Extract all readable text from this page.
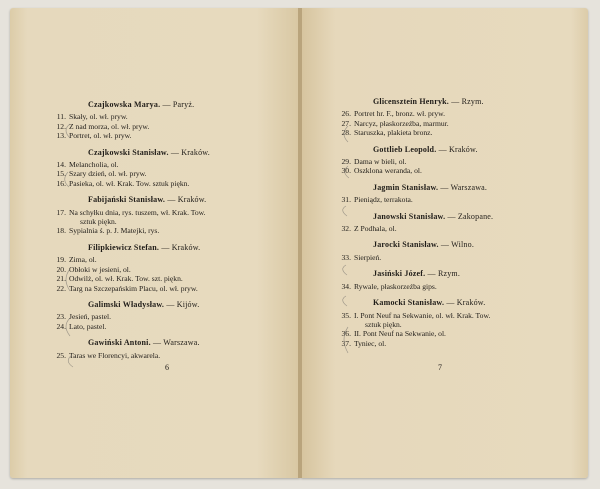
Czajkowska Marya. — Paryż.
11. Skały, ol. wł. pryw.
12. Z nad morza, ol. wł. pryw.
13. Portret, ol. wł. pryw.
Czajkowski Stanisław. — Kraków.
14. Melancholia, ol.
15. Szary dzień, ol. wł. pryw.
16. Pasieka, ol. wł. Krak. Tow. sztuk piękn.
Fabijański Stanisław. — Kraków.
17. Na schyłku dnia, rys. tuszem, wł. Krak. Tow.
sztuk piękn.
18. Sypialnia ś. p. J. Matejki, rys.
Filipkiewicz Stefan. — Kraków.
19. Zima, ol.
20. Obłoki w jesieni, ol.
21. Odwilż, ol. wł. Krak. Tow. szt. piękn.
22. Targ na Szczepańskim Placu, ol. wł. pryw.
Galimski Władysław. — Kijów.
23. Jesień, pastel.
24. Lato, pastel.
Gawiński Antoni. — Warszawa.
25. Taras we Florencyi, akwarela.
6
Glicenszteín Henryk. — Rzym.
26. Portret hr. F., bronz. wł. pryw.
27. Narcyz, płaskorzeźba, marmur.
28. Staruszka, plakieta bronz.
Gottlieb Leopold. — Kraków.
29. Dama w bieli, ol.
30. Oszklona weranda, ol.
Jagmin Stanisław. — Warszawa.
31. Pieniądz, terrakota.
Janowski Stanisław. — Zakopane.
32. Z Podhala, ol.
Jarocki Stanisław. — Wilno.
33. Sierpień.
Jasiński Józef. — Rzym.
34. Rywale, płaskorzeźba gips.
Kamocki Stanisław. — Kraków.
35. I. Pont Neuf na Sekwanie, ol. wł. Krak. Tow.
sztuk piękn.
36. II. Pont Neuf na Sekwanie, ol.
37. Tyniec, ol.
7
